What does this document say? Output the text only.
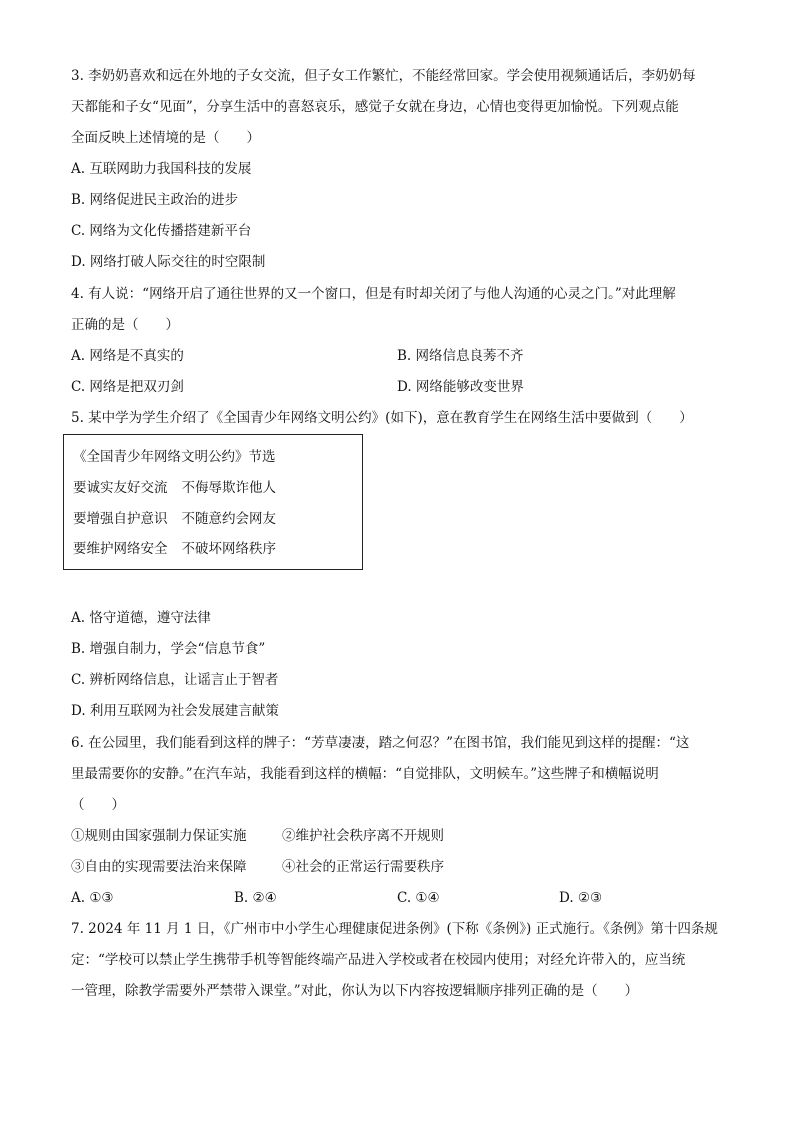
3. 李奶奶喜欢和远在外地的子女交流，但子女工作繁忙，不能经常回家。学会使用视频通话后，李奶奶每
天都能和子女“见面”，分享生活中的喜怒哀乐，感觉子女就在身边，心情也变得更加愉悦。下列观点能
全面反映上述情境的是（　　）
A. 互联网助力我国科技的发展
B. 网络促进民主政治的进步
C. 网络为文化传播搭建新平台
D. 网络打破人际交往的时空限制
4. 有人说：“网络开启了通往世界的又一个窗口，但是有时却关闭了与他人沟通的心灵之门。”对此理解
正确的是（　　）
A. 网络是不真实的	B. 网络信息良莠不齐
C. 网络是把双刃剑	D. 网络能够改变世界
5. 某中学为学生介绍了《全国青少年网络文明公约》(如下)，意在教育学生在网络生活中要做到（　　）
《全国青少年网络文明公约》节选
要诚实友好交流 不侮辱欺诈他人
要增强自护意识 不随意约会网友
要维护网络安全 不破坏网络秩序
A. 恪守道德，遵守法律
B. 增强自制力，学会“信息节食”
C. 辨析网络信息，让谣言止于智者
D. 利用互联网为社会发展建言献策
6. 在公园里，我们能看到这样的牌子：“芳草凄凄，踏之何忍？”在图书馆，我们能见到这样的提醒：“这
里最需要你的安静。”在汽车站，我能看到这样的横幅：“自觉排队，文明候车。”这些牌子和横幅说明
（　　）
①规则由国家强制力保证实施	②维护社会秩序离不开规则
③自由的实现需要法治来保障	④社会的正常运行需要秩序
A. ①③	B. ②④	C. ①④	D. ②③
7. 2024 年 11 月 1 日，《广州市中小学生心理健康促进条例》(下称《条例》) 正式施行。《条例》第十四条规
定：“学校可以禁止学生携带手机等智能终端产品进入学校或者在校园内使用；对经允许带入的，应当统
一管理，除教学需要外严禁带入课堂。”对此，你认为以下内容按逻辑顺序排列正确的是（　　）
